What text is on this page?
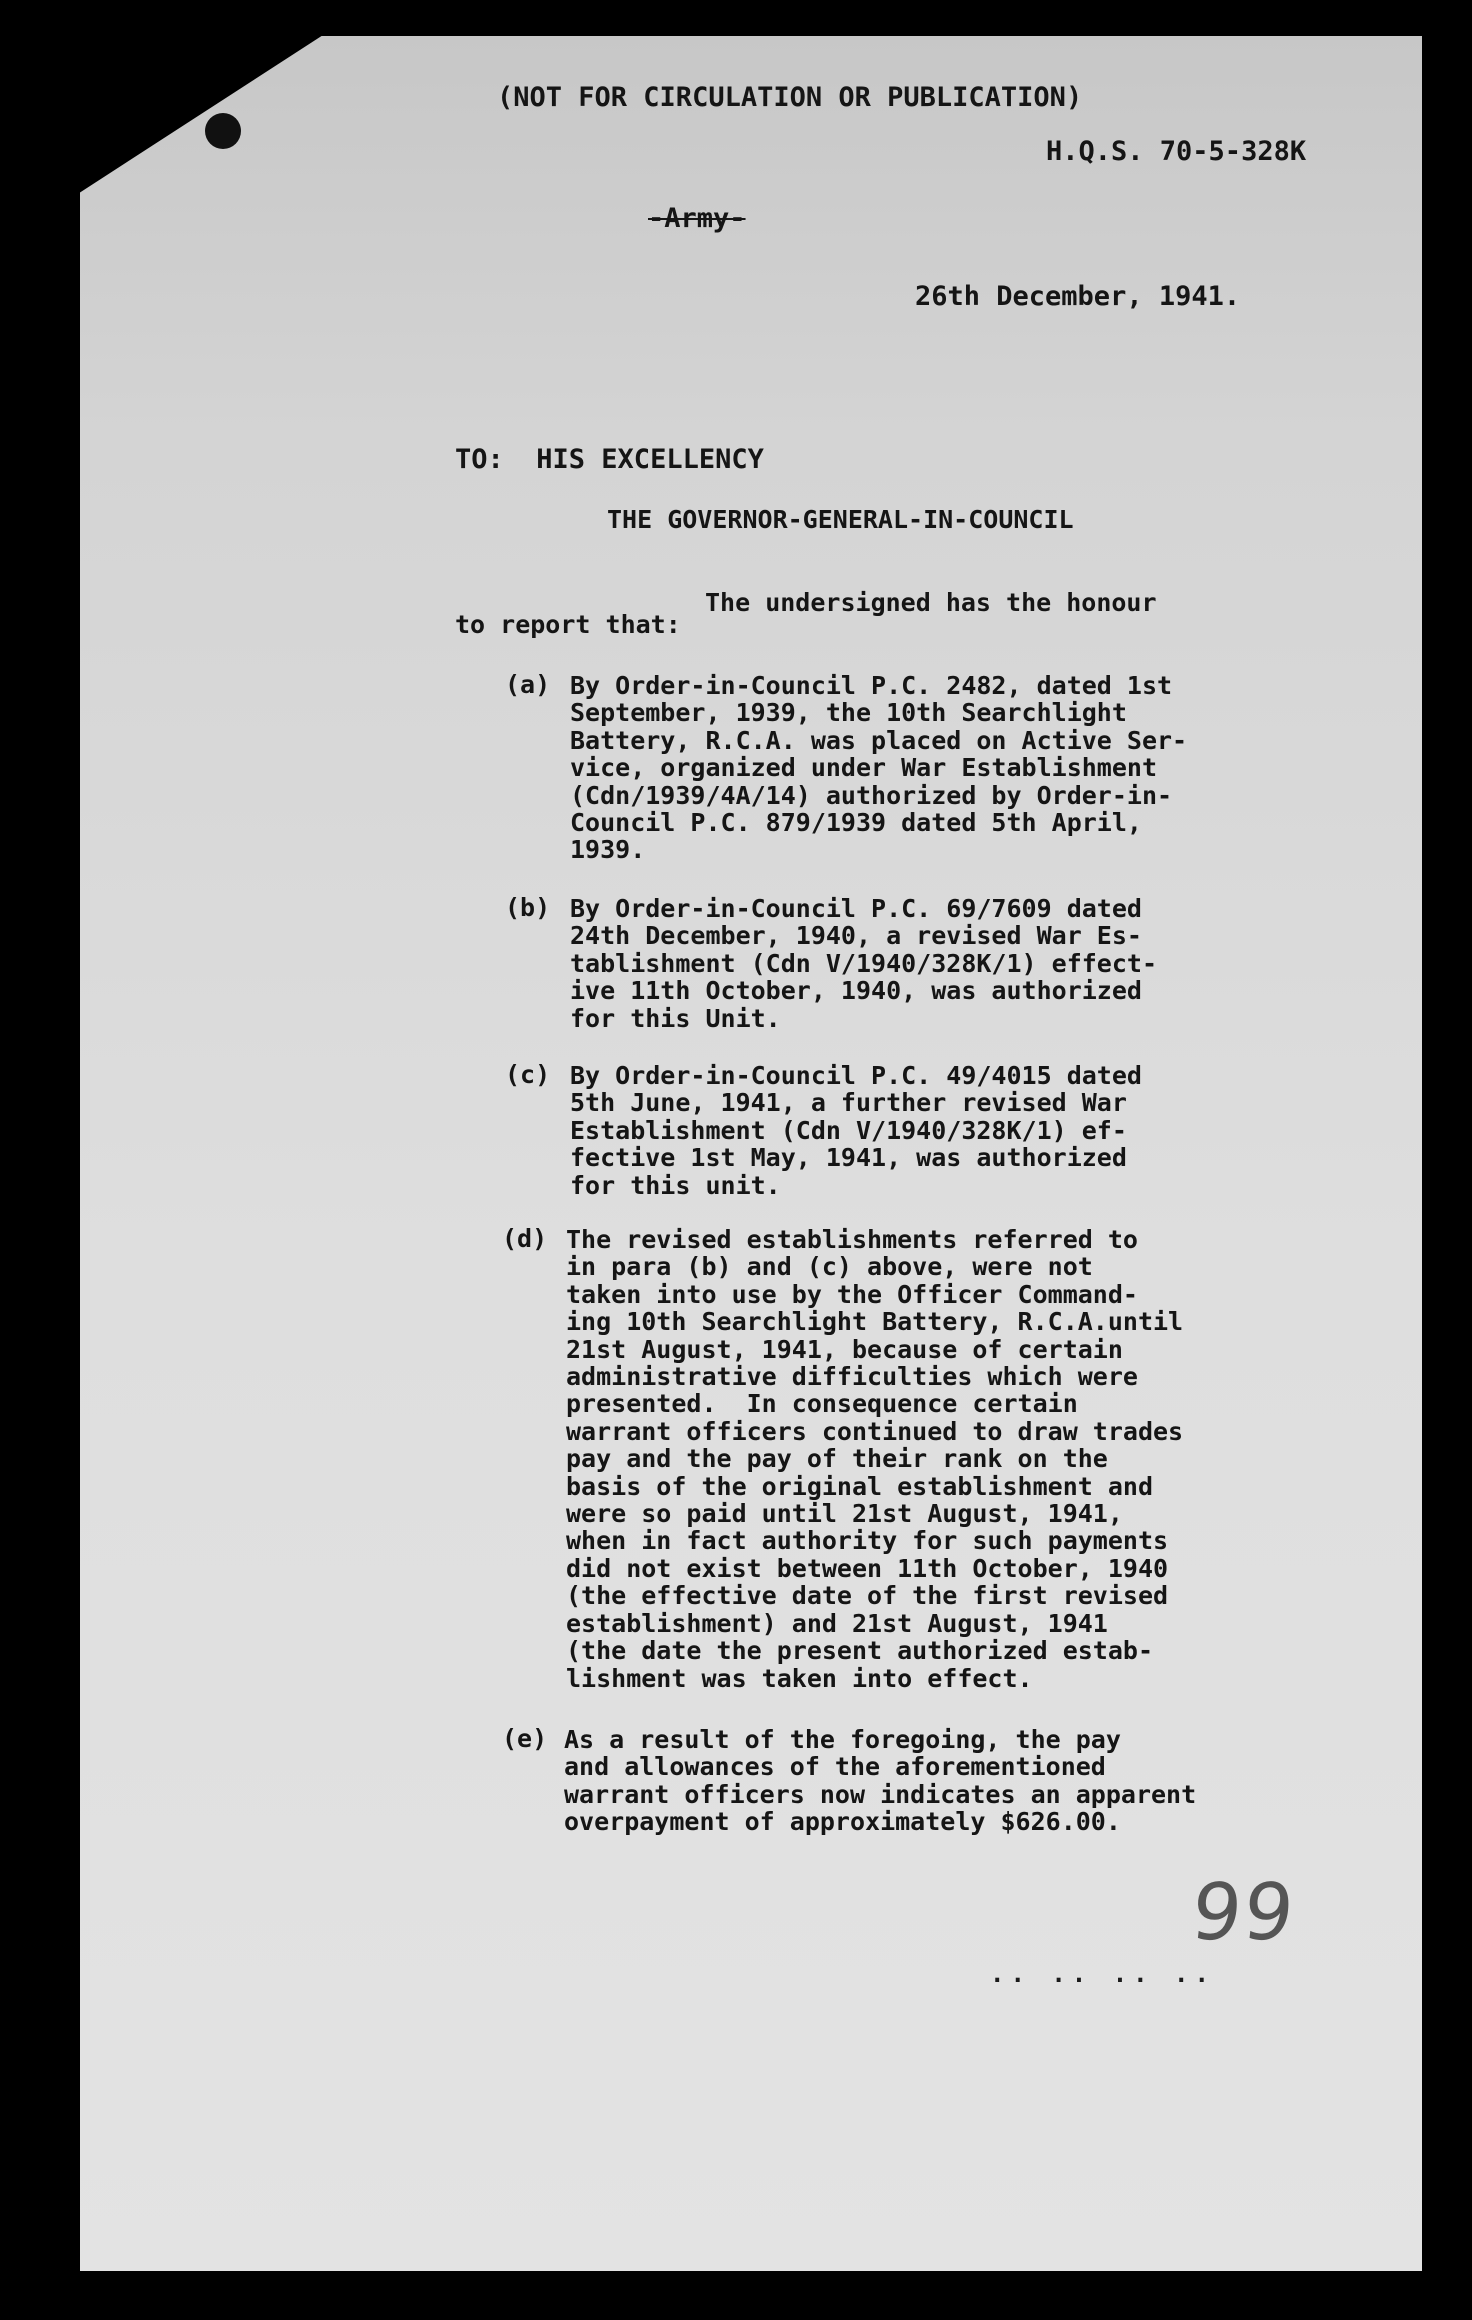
(NOT FOR CIRCULATION OR PUBLICATION)

H.Q.S. 70-5-328K

-Army-

26th December, 1941.

TO:  HIS EXCELLENCY

THE GOVERNOR-GENERAL-IN-COUNCIL

The undersigned has the honour

to report that:

(a) By Order-in-Council P.C. 2482, dated 1st
September, 1939, the 10th Searchlight
Battery, R.C.A. was placed on Active Ser-
vice, organized under War Establishment
(Cdn/1939/4A/14) authorized by Order-in-
Council P.C. 879/1939 dated 5th April,
1939.

(b) By Order-in-Council P.C. 69/7609 dated
24th December, 1940, a revised War Es-
tablishment (Cdn V/1940/328K/1) effect-
ive 11th October, 1940, was authorized
for this Unit.

(c) By Order-in-Council P.C. 49/4015 dated
5th June, 1941, a further revised War
Establishment (Cdn V/1940/328K/1) ef-
fective 1st May, 1941, was authorized
for this unit.

(d) The revised establishments referred to
in para (b) and (c) above, were not
taken into use by the Officer Command-
ing 10th Searchlight Battery, R.C.A.until
21st August, 1941, because of certain
administrative difficulties which were
presented.  In consequence certain
warrant officers continued to draw trades
pay and the pay of their rank on the
basis of the original establishment and
were so paid until 21st August, 1941,
when in fact authority for such payments
did not exist between 11th October, 1940
(the effective date of the first revised
establishment) and 21st August, 1941
(the date the present authorized estab-
lishment was taken into effect.

(e) As a result of the foregoing, the pay
and allowances of the aforementioned
warrant officers now indicates an apparent
overpayment of approximately $626.00.
99
.. .. .. ..
